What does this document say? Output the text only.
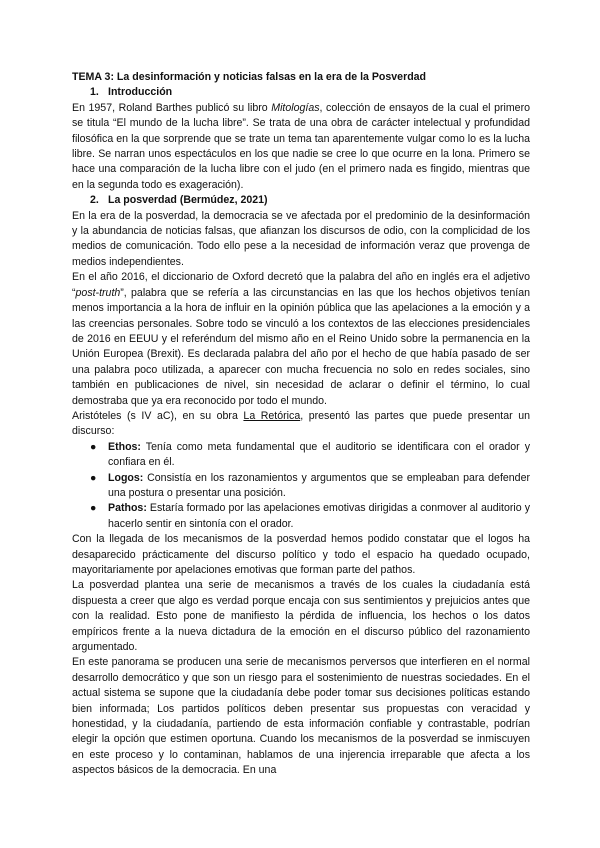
TEMA 3: La desinformación y noticias falsas en la era de la Posverdad
1. Introducción

En 1957, Roland Barthes publicó su libro Mitologías, colección de ensayos de la cual el primero se titula “El mundo de la lucha libre”. Se trata de una obra de carácter intelectual y profundidad filosófica en la que sorprende que se trate un tema tan aparentemente vulgar como lo es la lucha libre. Se narran unos espectáculos en los que nadie se cree lo que ocurre en la lona. Primero se hace una comparación de la lucha libre con el judo (en el primero nada es fingido, mientras que en la segunda todo es exageración).

2. La posverdad (Bermúdez, 2021)

En la era de la posverdad, la democracia se ve afectada por el predominio de la desinformación y la abundancia de noticias falsas, que afianzan los discursos de odio, con la complicidad de los medios de comunicación. Todo ello pese a la necesidad de información veraz que provenga de medios independientes.

En el año 2016, el diccionario de Oxford decretó que la palabra del año en inglés era el adjetivo “post-truth”, palabra que se refería a las circunstancias en las que los hechos objetivos tenían menos importancia a la hora de influir en la opinión pública que las apelaciones a la emoción y a las creencias personales. Sobre todo se vinculó a los contextos de las elecciones presidenciales de 2016 en EEUU y el referéndum del mismo año en el Reino Unido sobre la permanencia en la Unión Europea (Brexit). Es declarada palabra del año por el hecho de que había pasado de ser una palabra poco utilizada, a aparecer con mucha frecuencia no solo en redes sociales, sino también en publicaciones de nivel, sin necesidad de aclarar o definir el término, lo cual demostraba que ya era reconocido por todo el mundo.

Aristóteles (s IV aC), en su obra La Retórica, presentó las partes que puede presentar un discurso:

● Ethos: Tenía como meta fundamental que el auditorio se identificara con el orador y confiara en él.
● Logos: Consistía en los razonamientos y argumentos que se empleaban para defender una postura o presentar una posición.
● Pathos: Estaría formado por las apelaciones emotivas dirigidas a conmover al auditorio y hacerlo sentir en sintonía con el orador.

Con la llegada de los mecanismos de la posverdad hemos podido constatar que el logos ha desaparecido prácticamente del discurso político y todo el espacio ha quedado ocupado, mayoritariamente por apelaciones emotivas que forman parte del pathos.

La posverdad plantea una serie de mecanismos a través de los cuales la ciudadanía está dispuesta a creer que algo es verdad porque encaja con sus sentimientos y prejuicios antes que con la realidad. Esto pone de manifiesto la pérdida de influencia, los hechos o los datos empíricos frente a la nueva dictadura de la emoción en el discurso público del razonamiento argumentado.

En este panorama se producen una serie de mecanismos perversos que interfieren en el normal desarrollo democrático y que son un riesgo para el sostenimiento de nuestras sociedades. En el actual sistema se supone que la ciudadanía debe poder tomar sus decisiones políticas estando bien informada; Los partidos políticos deben presentar sus propuestas con veracidad y honestidad, y la ciudadanía, partiendo de esta información confiable y contrastable, podrían elegir la opción que estimen oportuna. Cuando los mecanismos de la posverdad se inmiscuyen en este proceso y lo contaminan, hablamos de una injerencia irreparable que afecta a los aspectos básicos de la democracia. En una
